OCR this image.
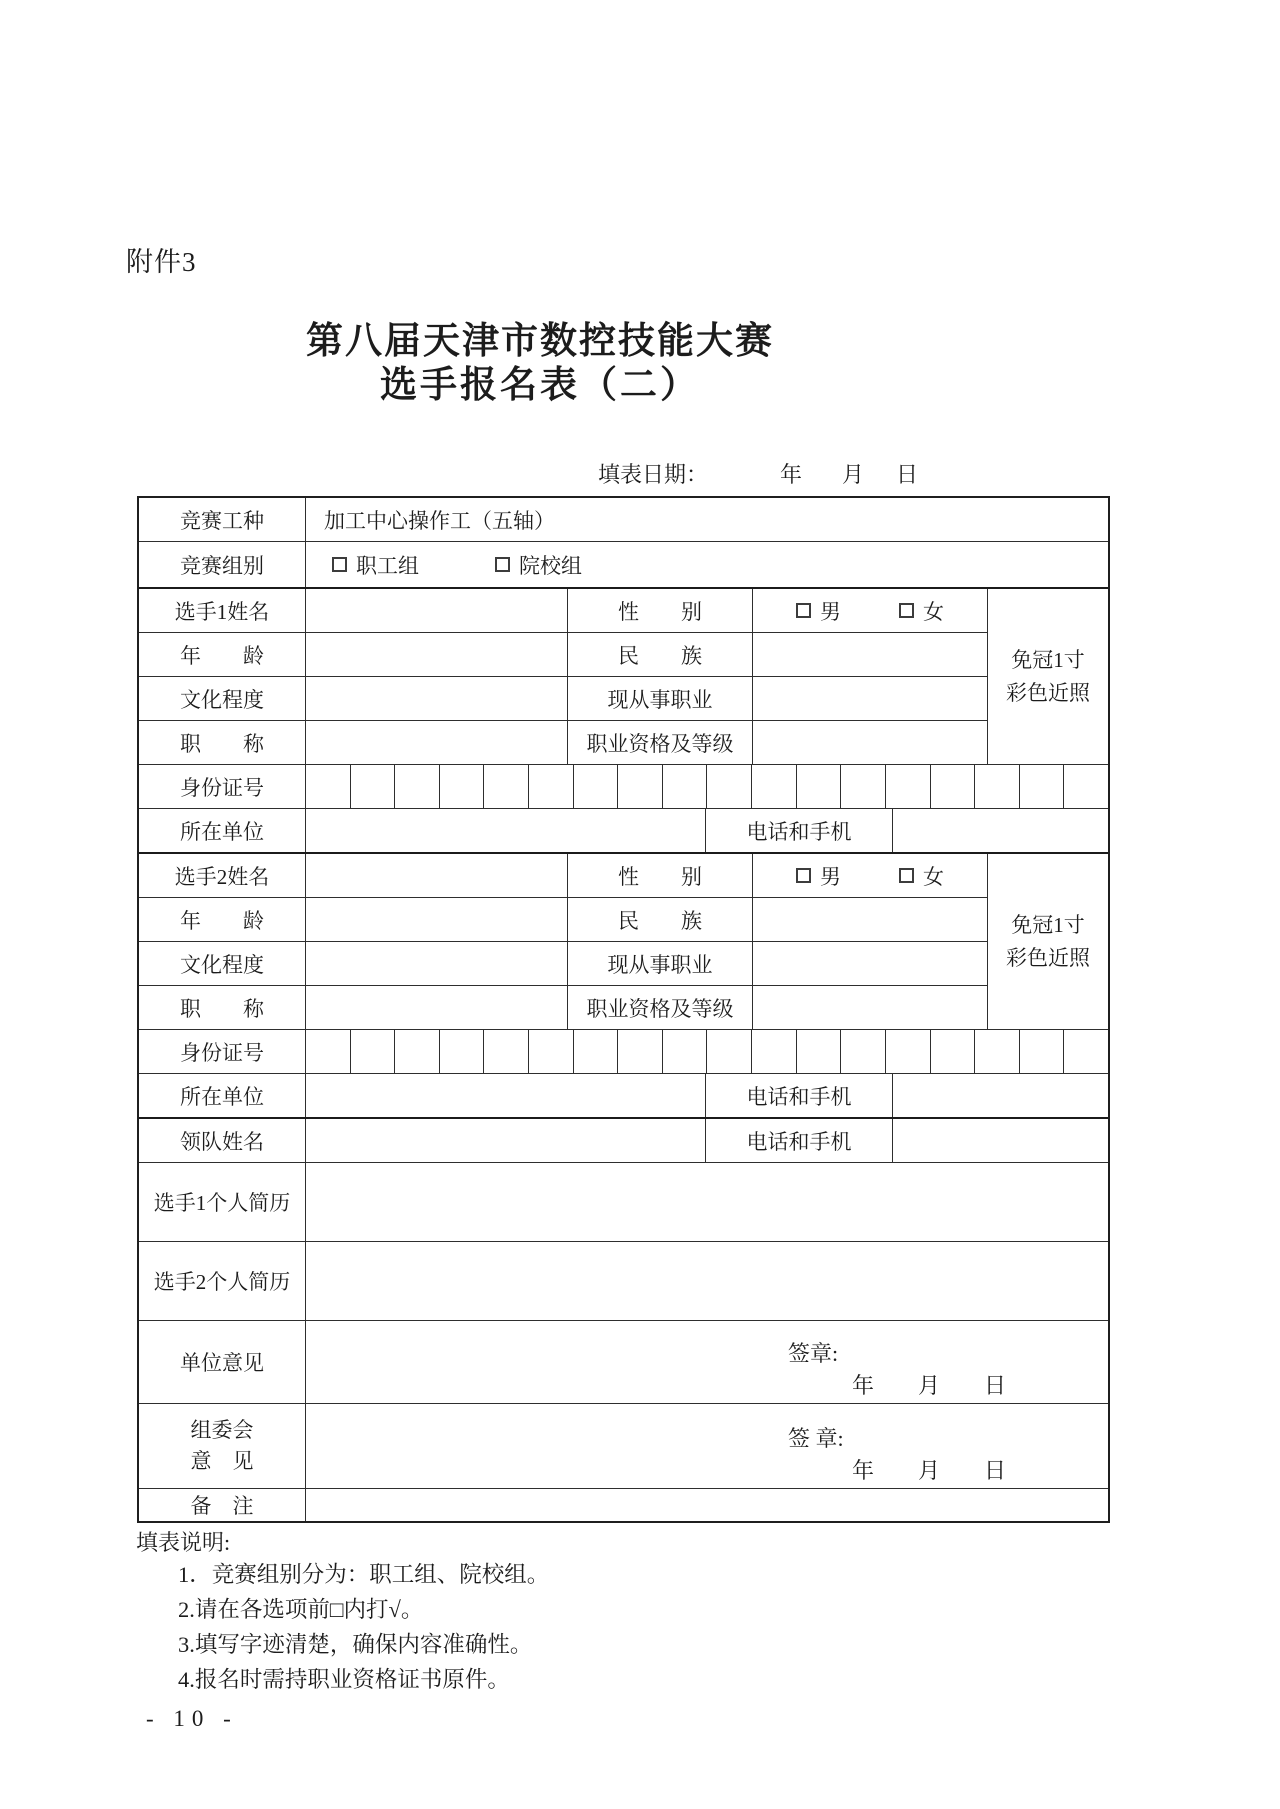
附件3
第八届天津市数控技能大赛
选手报名表（二）
填表日期：	年 月 日
竞赛工种	加工中心操作工（五轴）
竞赛组别	职工组	院校组
选手1姓名	性　　别	男	女
年　　龄	民　　族
文化程度	现从事职业
职　　称	职业资格及等级
免冠1寸
彩色近照
身份证号
所在单位	电话和手机
选手2姓名	性　　别	男	女
年　　龄	民　　族
文化程度	现从事职业
职　　称	职业资格及等级
免冠1寸
彩色近照
身份证号
所在单位	电话和手机
领队姓名	电话和手机
选手1个人简历
选手2个人简历
单位意见	签章:
年　　月　　日
组委会
意　见
签 章:
年　　月　　日
备　注
填表说明:
1．竞赛组别分为：职工组、院校组。
2.请在各选项前□内打√。
3.填写字迹清楚，确保内容准确性。
4.报名时需持职业资格证书原件。
- 10 -
